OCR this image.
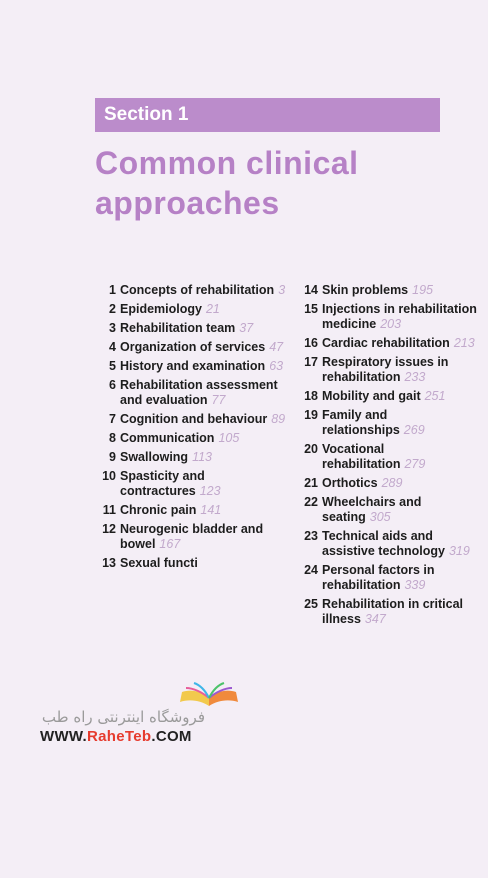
Section 1
Common clinical
approaches
1 Concepts of rehabilitation 3
2 Epidemiology 21
3 Rehabilitation team 37
4 Organization of services 47
5 History and examination 63
6 Rehabilitation assessment and evaluation 77
7 Cognition and behaviour 89
8 Communication 105
9 Swallowing 113
10 Spasticity and contractures 123
11 Chronic pain 141
12 Neurogenic bladder and bowel 167
13 Sexual functi
14 Skin problems 195
15 Injections in rehabilitation medicine 203
16 Cardiac rehabilitation 213
17 Respiratory issues in rehabilitation 233
18 Mobility and gait 251
19 Family and relationships 269
20 Vocational rehabilitation 279
21 Orthotics 289
22 Wheelchairs and seating 305
23 Technical aids and assistive technology 319
24 Personal factors in rehabilitation 339
25 Rehabilitation in critical illness 347
فروشگاه اینترنتی راه طب
WWW.RaheTeb.COM
